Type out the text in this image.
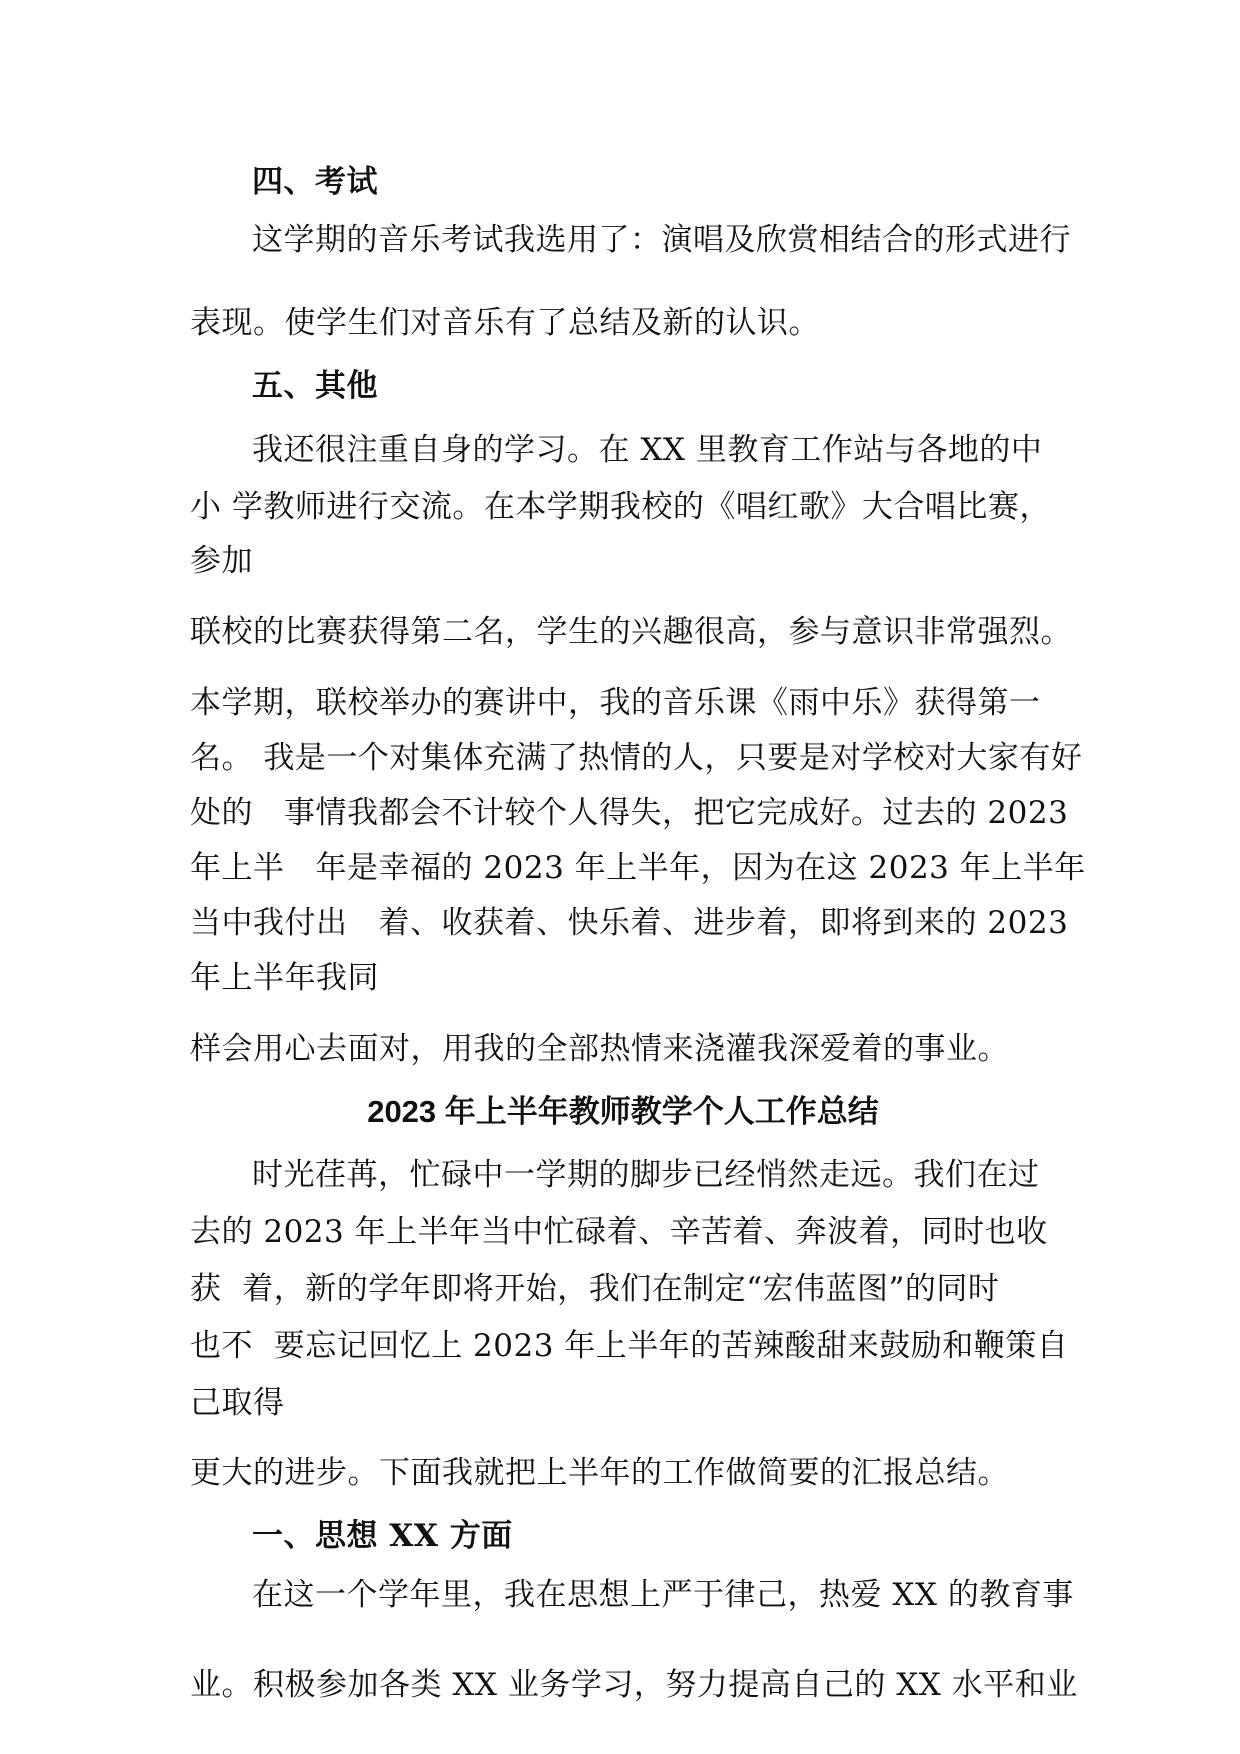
四、考试
这学期的音乐考试我选用了：演唱及欣赏相结合的形式进行
表现。使学生们对音乐有了总结及新的认识。
五、其他
我还很注重自身的学习。在 XX 里教育工作站与各地的中
小 学教师进行交流。在本学期我校的《唱红歌》大合唱比赛，
参加
联校的比赛获得第二名，学生的兴趣很高，参与意识非常强烈。
本学期，联校举办的赛讲中，我的音乐课《雨中乐》获得第一
名。 我是一个对集体充满了热情的人，只要是对学校对大家有好
处的   事情我都会不计较个人得失，把它完成好。过去的 2023
年上半   年是幸福的 2023 年上半年，因为在这 2023 年上半年
当中我付出   着、收获着、快乐着、进步着，即将到来的 2023
年上半年我同
样会用心去面对，用我的全部热情来浇灌我深爱着的事业。
2023 年上半年教师教学个人工作总结
时光荏苒，忙碌中一学期的脚步已经悄然走远。我们在过
去的 2023 年上半年当中忙碌着、辛苦着、奔波着，同时也收
获  着，新的学年即将开始，我们在制定“宏伟蓝图”的同时
也不  要忘记回忆上 2023 年上半年的苦辣酸甜来鼓励和鞭策自
己取得
更大的进步。下面我就把上半年的工作做简要的汇报总结。
一、思想 XX 方面
在这一个学年里，我在思想上严于律己，热爱 XX 的教育事
业。积极参加各类 XX 业务学习，努力提高自己的 XX 水平和业
